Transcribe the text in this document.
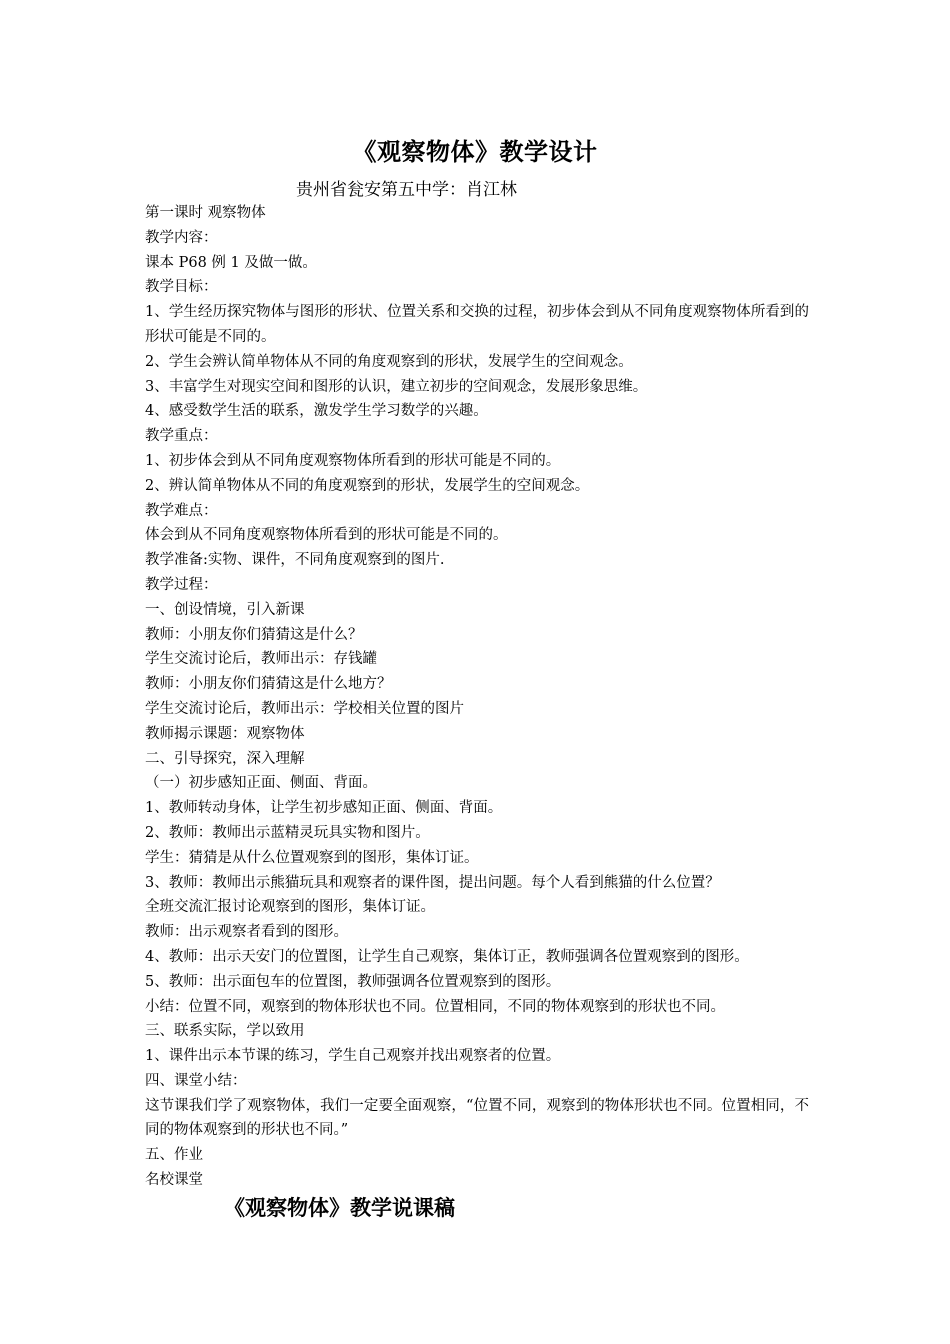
《观察物体》教学设计
贵州省瓮安第五中学：肖江林
第一课时 观察物体
教学内容：
课本 P68 例 1 及做一做。
教学目标：
1、学生经历探究物体与图形的形状、位置关系和交换的过程，初步体会到从不同角度观察物体所看到的形状可能是不同的。
2、学生会辨认简单物体从不同的角度观察到的形状，发展学生的空间观念。
3、丰富学生对现实空间和图形的认识，建立初步的空间观念，发展形象思维。
4、感受数学生活的联系，激发学生学习数学的兴趣。
教学重点：
1、初步体会到从不同角度观察物体所看到的形状可能是不同的。
2、辨认简单物体从不同的角度观察到的形状，发展学生的空间观念。
教学难点：
体会到从不同角度观察物体所看到的形状可能是不同的。
教学准备:实物、课件，不同角度观察到的图片.
教学过程：
一、创设情境，引入新课
教师：小朋友你们猜猜这是什么？
学生交流讨论后，教师出示：存钱罐
教师：小朋友你们猜猜这是什么地方？
学生交流讨论后，教师出示：学校相关位置的图片
教师揭示课题：观察物体
二、引导探究，深入理解
（一）初步感知正面、侧面、背面。
1、教师转动身体，让学生初步感知正面、侧面、背面。
2、教师：教师出示蓝精灵玩具实物和图片。
学生：猜猜是从什么位置观察到的图形，集体订证。
3、教师：教师出示熊猫玩具和观察者的课件图，提出问题。每个人看到熊猫的什么位置？
全班交流汇报讨论观察到的图形，集体订证。
教师：出示观察者看到的图形。
4、教师：出示天安门的位置图，让学生自己观察，集体订正，教师强调各位置观察到的图形。
5、教师：出示面包车的位置图，教师强调各位置观察到的图形。
小结：位置不同，观察到的物体形状也不同。位置相同，不同的物体观察到的形状也不同。
三、联系实际，学以致用
1、课件出示本节课的练习，学生自己观察并找出观察者的位置。
四、课堂小结：
这节课我们学了观察物体，我们一定要全面观察，“位置不同，观察到的物体形状也不同。位置相同，不同的物体观察到的形状也不同。”
五、作业
名校课堂
《观察物体》教学说课稿
